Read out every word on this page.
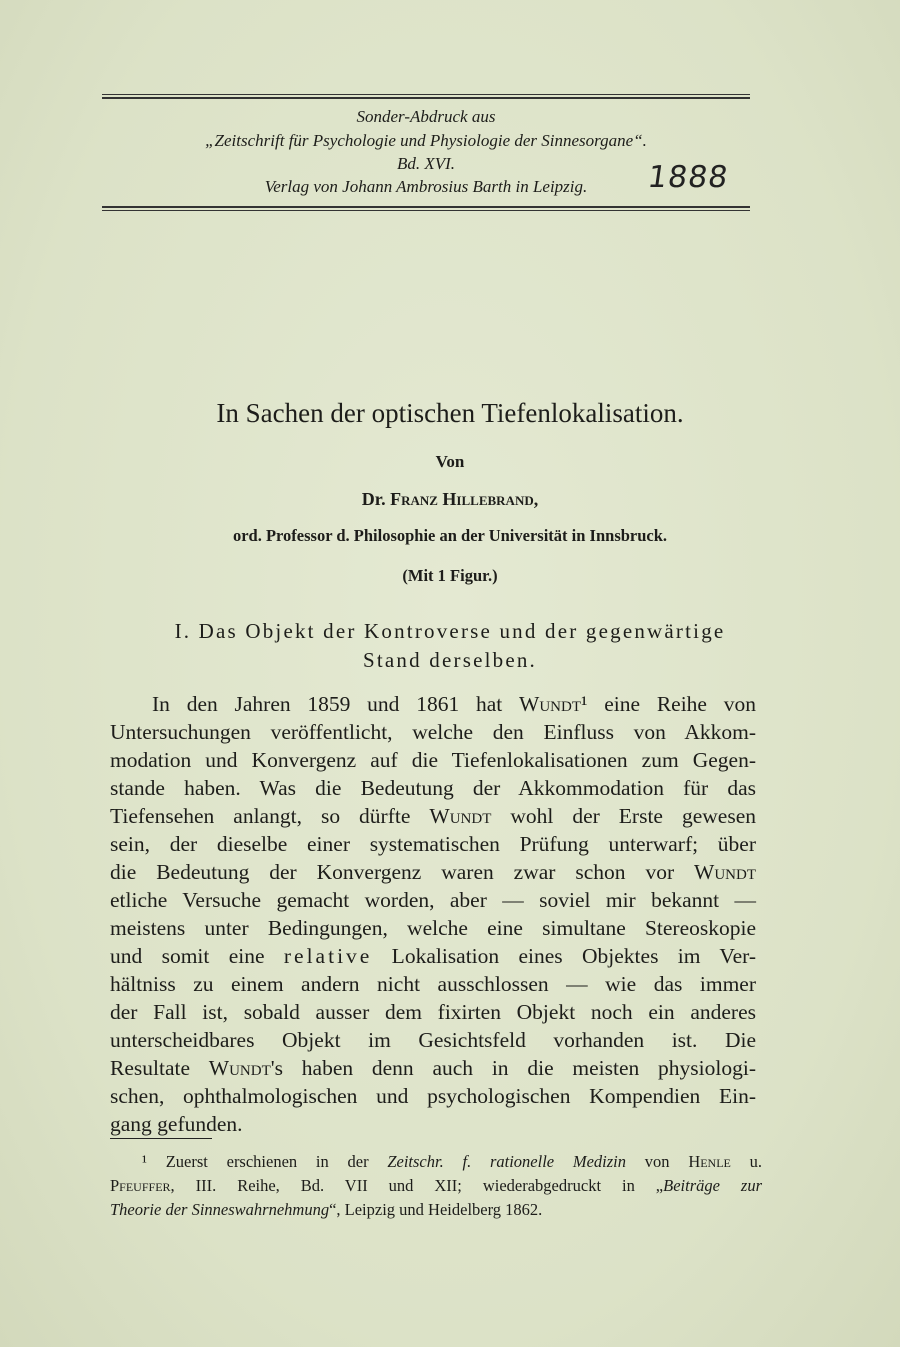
Sonder-Abdruck aus
„Zeitschrift für Psychologie und Physiologie der Sinnesorgane“.
Bd. XVI.
Verlag von Johann Ambrosius Barth in Leipzig.	1888
In Sachen der optischen Tiefenlokalisation.
Von
Dr. Franz Hillebrand,
ord. Professor d. Philosophie an der Universität in Innsbruck.
(Mit 1 Figur.)
I. Das Objekt der Kontroverse und der gegenwärtige
Stand derselben.
In den Jahren 1859 und 1861 hat Wundt¹ eine Reihe von
Untersuchungen veröffentlicht, welche den Einfluss von Akkom-
modation und Konvergenz auf die Tiefenlokalisationen zum Gegen-
stande haben. Was die Bedeutung der Akkommodation für das
Tiefensehen anlangt, so dürfte Wundt wohl der Erste gewesen
sein, der dieselbe einer systematischen Prüfung unterwarf; über
die Bedeutung der Konvergenz waren zwar schon vor Wundt
etliche Versuche gemacht worden, aber — soviel mir bekannt —
meistens unter Bedingungen, welche eine simultane Stereoskopie
und somit eine relative Lokalisation eines Objektes im Ver-
hältniss zu einem andern nicht ausschlossen — wie das immer
der Fall ist, sobald ausser dem fixirten Objekt noch ein anderes
unterscheidbares Objekt im Gesichtsfeld vorhanden ist. Die
Resultate Wundt's haben denn auch in die meisten physiologi-
schen, ophthalmologischen und psychologischen Kompendien Ein-
gang gefunden.
¹ Zuerst erschienen in der Zeitschr. f. rationelle Medizin von Henle u.
Pfeuffer, III. Reihe, Bd. VII und XII; wiederabgedruckt in „Beiträge zur
Theorie der Sinneswahrnehmung“, Leipzig und Heidelberg 1862.
